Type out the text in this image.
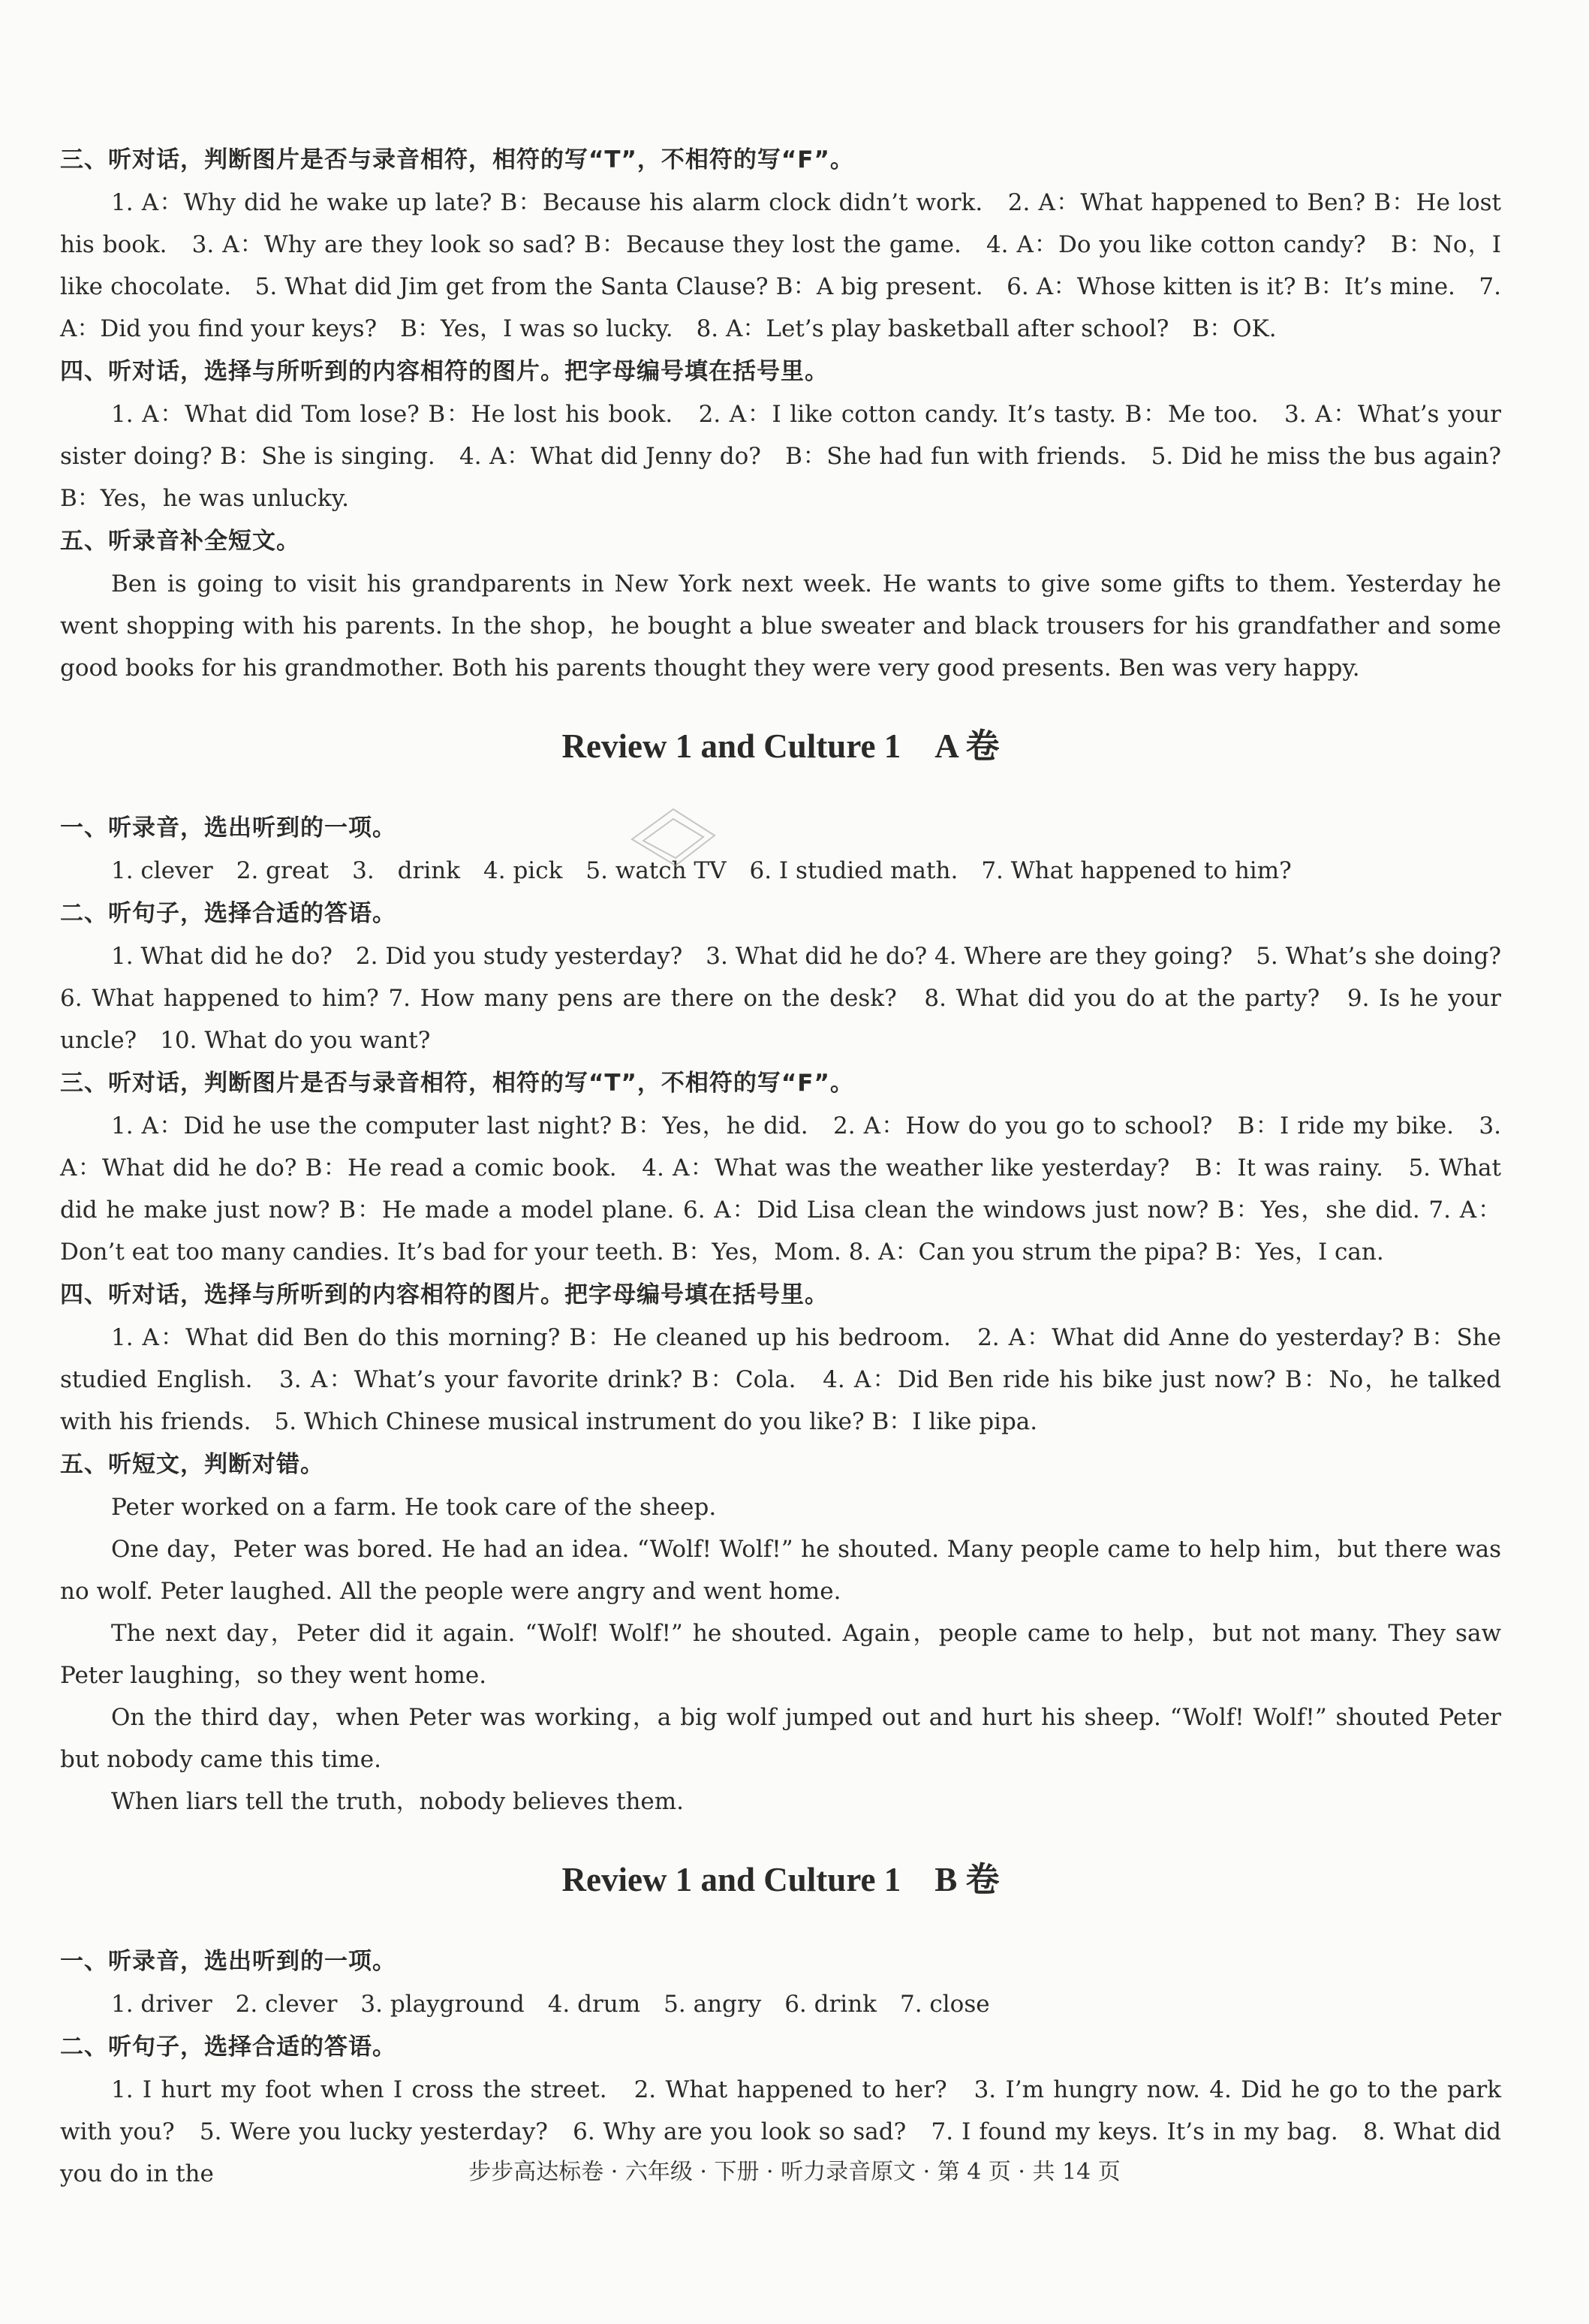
三、听对话，判断图片是否与录音相符，相符的写“T”，不相符的写“F”。

1. A：Why did he wake up late? B：Because his alarm clock didn’t work.　2. A：What happened to Ben? B：He lost his book.　3. A：Why are they look so sad? B：Because they lost the game.　4. A：Do you like cotton candy?　B：No，I like chocolate.　5. What did Jim get from the Santa Clause? B：A big present.　6. A：Whose kitten is it? B：It’s mine.　7. A：Did you find your keys?　B：Yes，I was so lucky.　8. A：Let’s play basketball after school?　B：OK.

四、听对话，选择与所听到的内容相符的图片。把字母编号填在括号里。

1. A：What did Tom lose? B：He lost his book.　2. A：I like cotton candy. It’s tasty. B：Me too.　3. A：What’s your sister doing? B：She is singing.　4. A：What did Jenny do?　B：She had fun with friends.　5. Did he miss the bus again? B：Yes，he was unlucky.

五、听录音补全短文。

Ben is going to visit his grandparents in New York next week. He wants to give some gifts to them. Yesterday he went shopping with his parents. In the shop，he bought a blue sweater and black trousers for his grandfather and some good books for his grandmother. Both his parents thought they were very good presents. Ben was very happy.

Review 1 and Culture 1　A 卷

一、听录音，选出听到的一项。

1. clever　2. great　3.　drink　4. pick　5. watch TV　6. I studied math.　7. What happened to him?

二、听句子，选择合适的答语。

1. What did he do?　2. Did you study yesterday?　3. What did he do? 4. Where are they going?　5. What’s she doing?　6. What happened to him? 7. How many pens are there on the desk?　8. What did you do at the party?　9. Is he your uncle?　10. What do you want?

三、听对话，判断图片是否与录音相符，相符的写“T”，不相符的写“F”。

1. A：Did he use the computer last night? B：Yes，he did.　2. A：How do you go to school?　B：I ride my bike.　3. A：What did he do? B：He read a comic book.　4. A：What was the weather like yesterday?　B：It was rainy.　5. What did he make just now? B：He made a model plane. 6. A：Did Lisa clean the windows just now? B：Yes，she did. 7. A：Don’t eat too many candies. It’s bad for your teeth. B：Yes，Mom. 8. A：Can you strum the pipa? B：Yes，I can.

四、听对话，选择与所听到的内容相符的图片。把字母编号填在括号里。

1. A：What did Ben do this morning? B：He cleaned up his bedroom.　2. A：What did Anne do yesterday? B：She studied English.　3. A：What’s your favorite drink? B：Cola.　4. A：Did Ben ride his bike just now? B：No，he talked with his friends.　5. Which Chinese musical instrument do you like? B：I like pipa.

五、听短文，判断对错。

Peter worked on a farm. He took care of the sheep.

One day，Peter was bored. He had an idea. “Wolf! Wolf!” he shouted. Many people came to help him，but there was no wolf. Peter laughed. All the people were angry and went home.

The next day，Peter did it again. “Wolf! Wolf!” he shouted. Again，people came to help，but not many. They saw Peter laughing，so they went home.

On the third day，when Peter was working，a big wolf jumped out and hurt his sheep. “Wolf! Wolf!” shouted Peter but nobody came this time.

When liars tell the truth，nobody believes them.

Review 1 and Culture 1　B 卷

一、听录音，选出听到的一项。

1. driver　2. clever　3. playground　4. drum　5. angry　6. drink　7. close

二、听句子，选择合适的答语。

1. I hurt my foot when I cross the street.　2. What happened to her?　3. I’m hungry now. 4. Did he go to the park with you?　5. Were you lucky yesterday?　6. Why are you look so sad?　7. I found my keys. It’s in my bag.　8. What did you do in the	步步高达标卷 · 六年级 · 下册 · 听力录音原文 · 第 4 页 · 共 14 页
